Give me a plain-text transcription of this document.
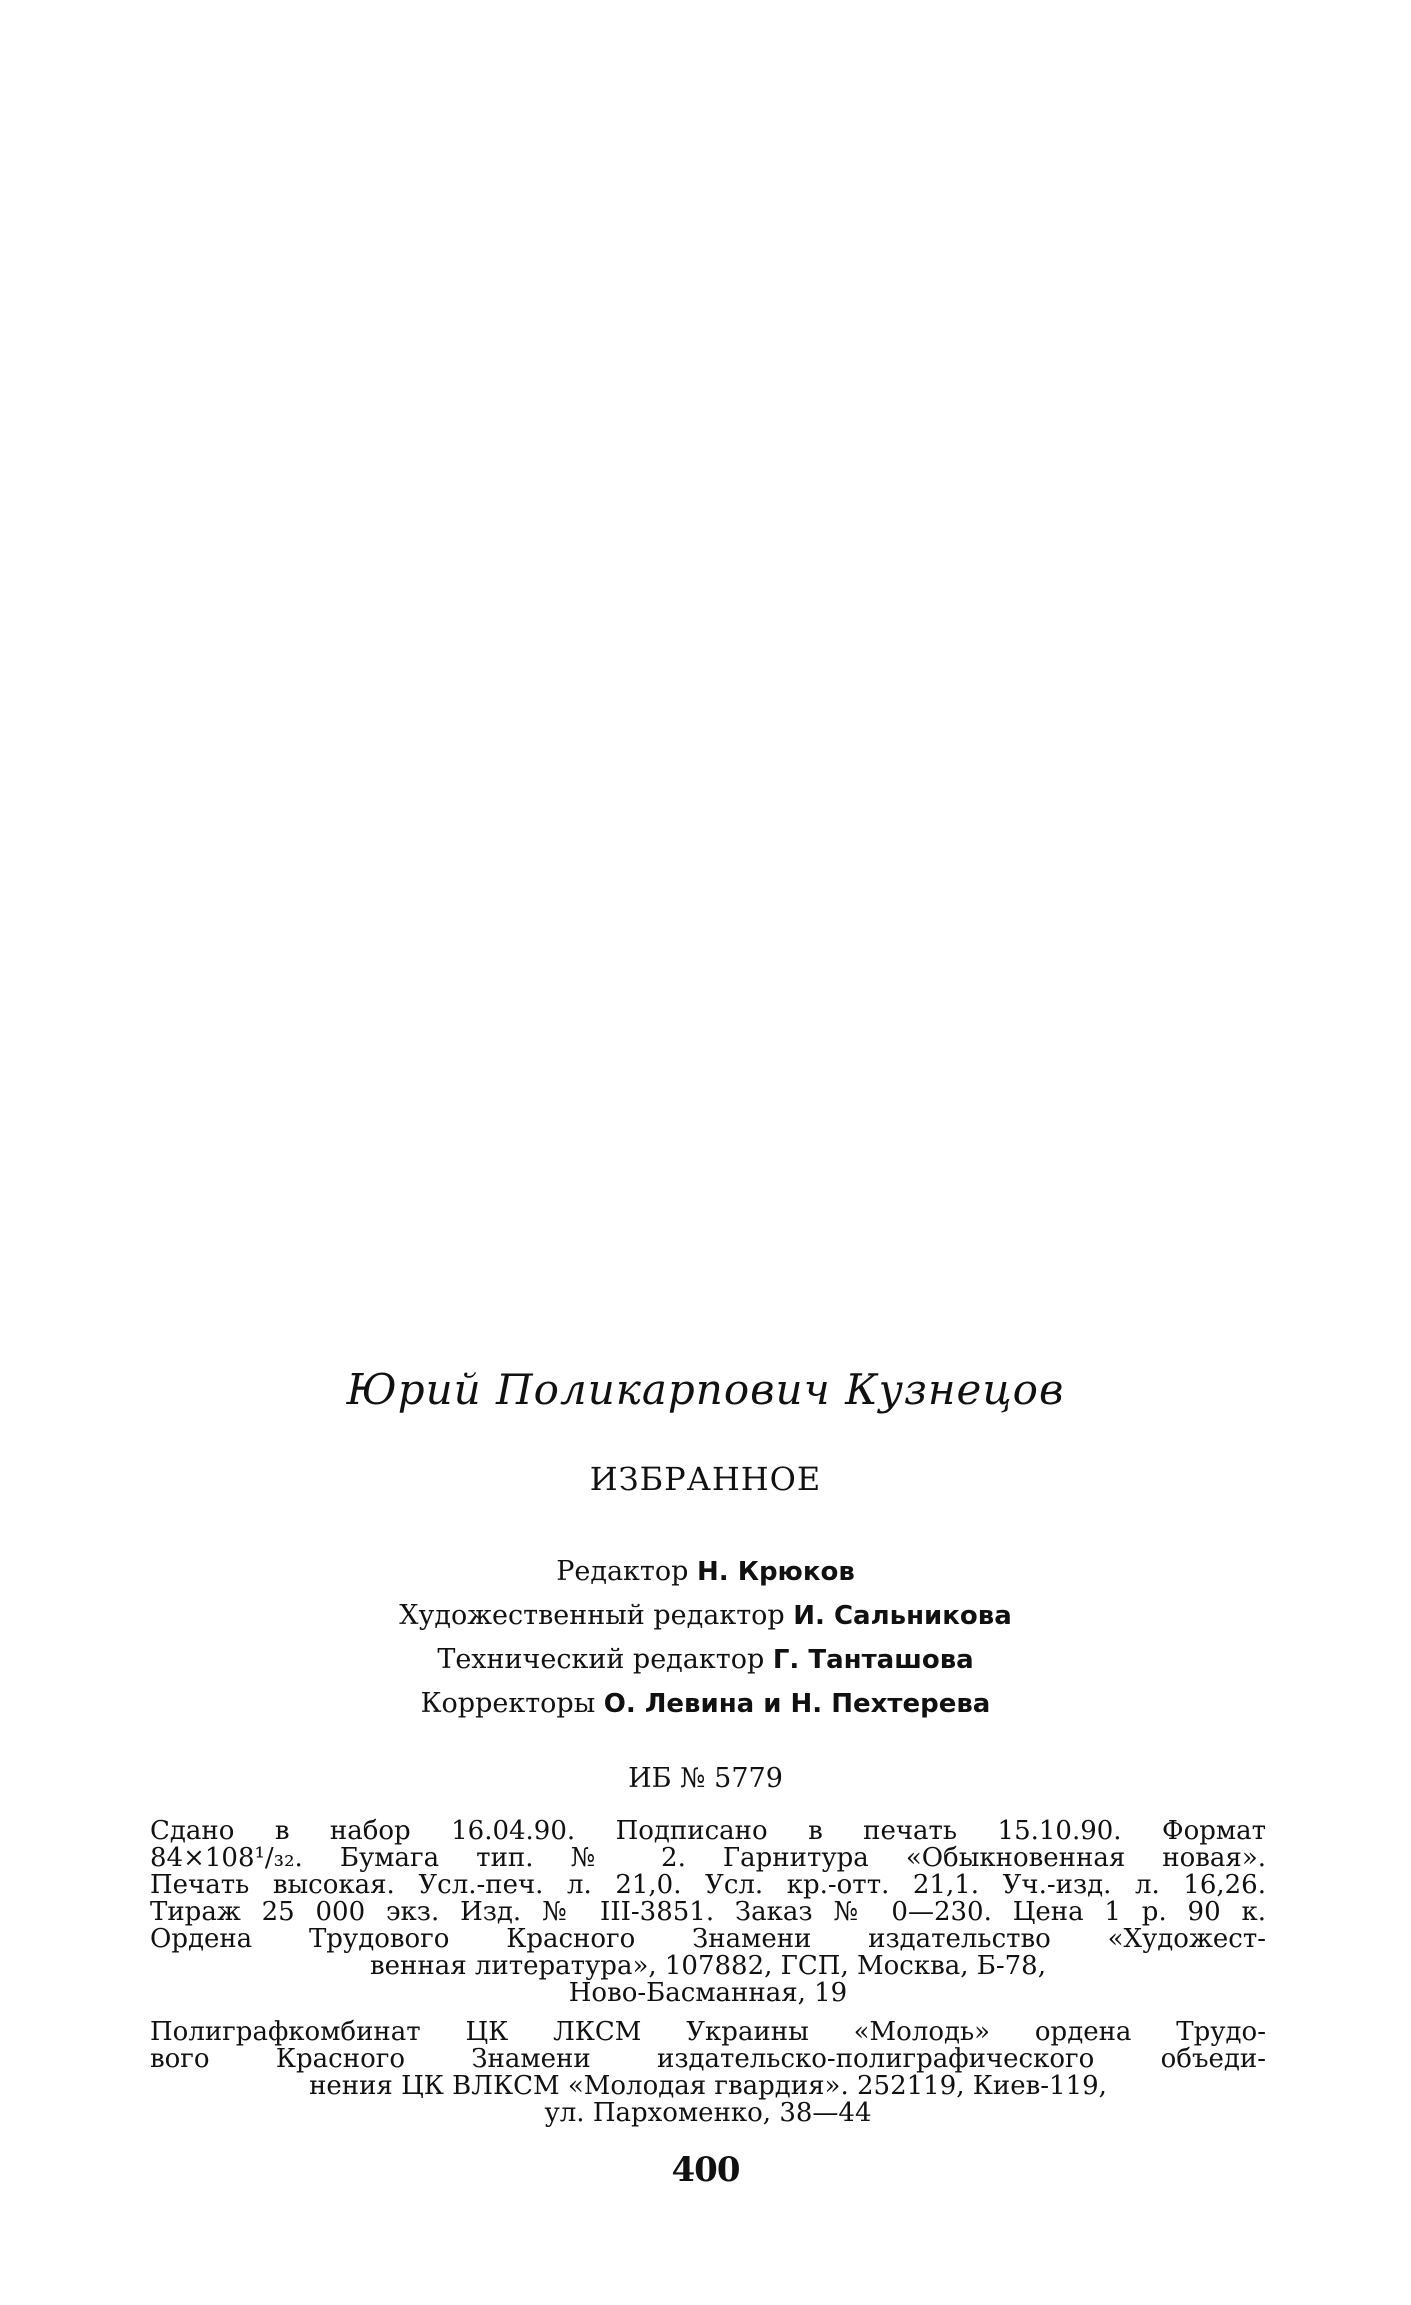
Юрий Поликарпович Кузнецов
ИЗБРАННОЕ
Редактор Н. Крюков
Художественный редактор И. Сальникова
Технический редактор Г. Танташова
Корректоры О. Левина и Н. Пехтерева
ИБ № 5779
Сдано в набор 16.04.90. Подписано в печать 15.10.90. Формат
84×108¹/₃₂. Бумага тип. № 2. Гарнитура «Обыкновенная новая».
Печать высокая. Усл.-печ. л. 21,0. Усл. кр.-отт. 21,1. Уч.-изд. л. 16,26.
Тираж 25 000 экз. Изд. № III-3851. Заказ № 0—230. Цена 1 р. 90 к.
Ордена Трудового Красного Знамени издательство «Художест-
венная литература», 107882, ГСП, Москва, Б-78,
Ново-Басманная, 19
Полиграфкомбинат ЦК ЛКСМ Украины «Молодь» ордена Трудо-
вого Красного Знамени издательско-полиграфического объеди-
нения ЦК ВЛКСМ «Молодая гвардия». 252119, Киев-119,
ул. Пархоменко, 38—44
400
